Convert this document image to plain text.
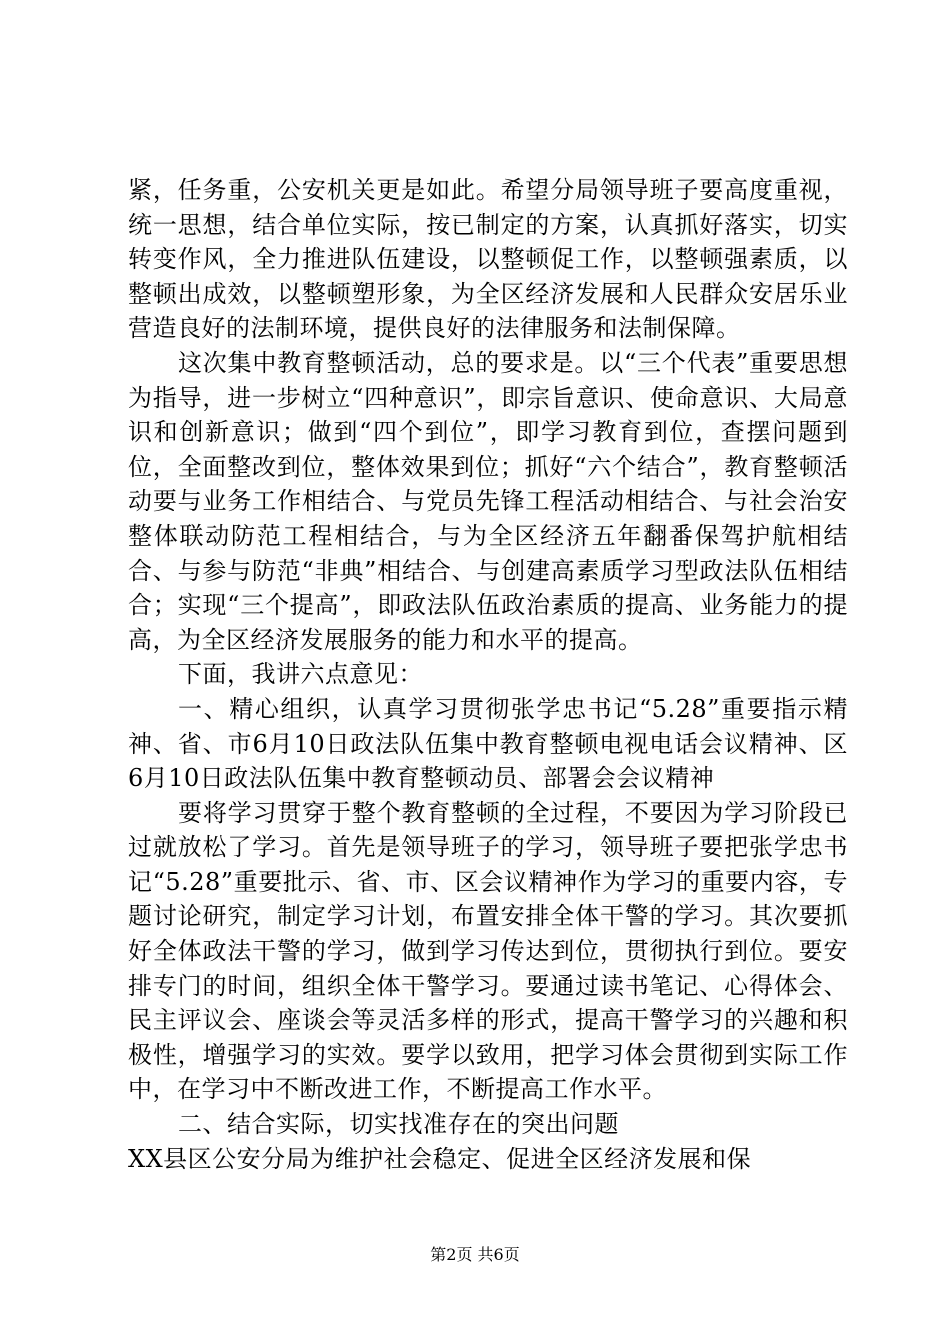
紧，任务重，公安机关更是如此。希望分局领导班子要高度重视，统一思想，结合单位实际，按已制定的方案，认真抓好落实，切实转变作风，全力推进队伍建设，以整顿促工作，以整顿强素质，以整顿出成效，以整顿塑形象，为全区经济发展和人民群众安居乐业营造良好的法制环境，提供良好的法律服务和法制保障。

这次集中教育整顿活动，总的要求是。以“三个代表”重要思想为指导，进一步树立“四种意识”，即宗旨意识、使命意识、大局意识和创新意识；做到“四个到位”，即学习教育到位，查摆问题到位，全面整改到位，整体效果到位；抓好“六个结合”，教育整顿活动要与业务工作相结合、与党员先锋工程活动相结合、与社会治安整体联动防范工程相结合，与为全区经济五年翻番保驾护航相结合、与参与防范“非典”相结合、与创建高素质学习型政法队伍相结合；实现“三个提高”，即政法队伍政治素质的提高、业务能力的提高，为全区经济发展服务的能力和水平的提高。

下面，我讲六点意见：

一、精心组织，认真学习贯彻张学忠书记“5.28”重要指示精神、省、市6月10日政法队伍集中教育整顿电视电话会议精神、区6月10日政法队伍集中教育整顿动员、部署会会议精神

要将学习贯穿于整个教育整顿的全过程，不要因为学习阶段已过就放松了学习。首先是领导班子的学习，领导班子要把张学忠书记“5.28”重要批示、省、市、区会议精神作为学习的重要内容，专题讨论研究，制定学习计划，布置安排全体干警的学习。其次要抓好全体政法干警的学习，做到学习传达到位，贯彻执行到位。要安排专门的时间，组织全体干警学习。要通过读书笔记、心得体会、民主评议会、座谈会等灵活多样的形式，提高干警学习的兴趣和积极性，增强学习的实效。要学以致用，把学习体会贯彻到实际工作中，在学习中不断改进工作，不断提高工作水平。

二、结合实际，切实找准存在的突出问题

XX县区公安分局为维护社会稳定、促进全区经济发展和保

第2页 共6页
